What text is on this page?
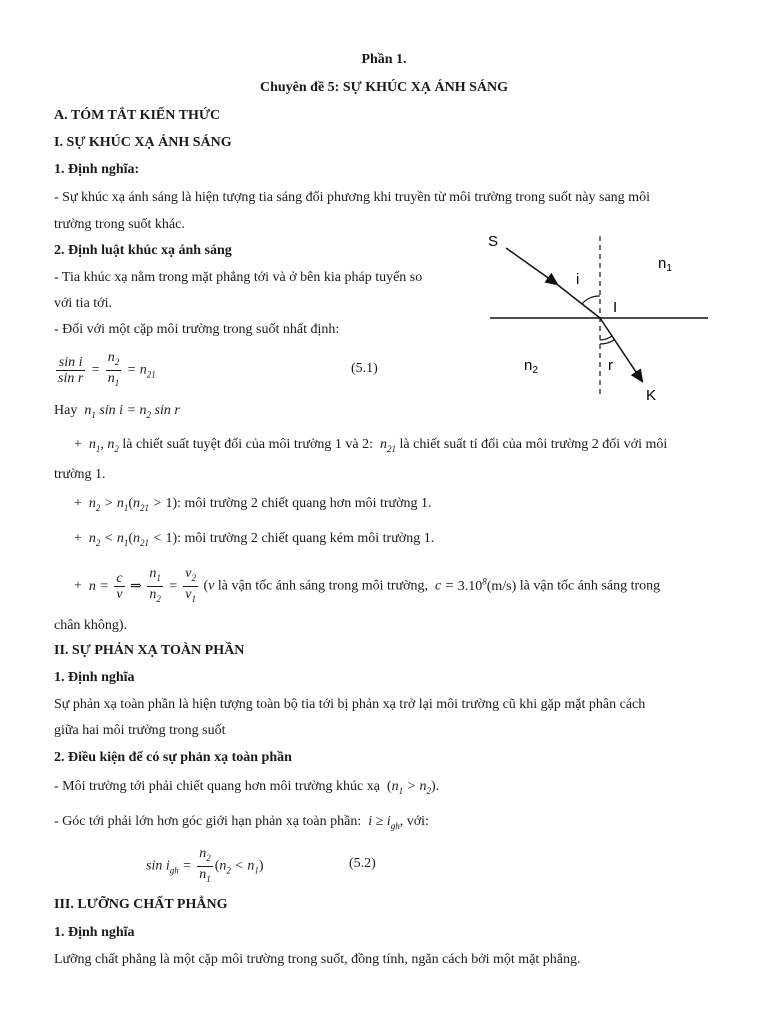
Phần 1.
Chuyên đề 5: SỰ KHÚC XẠ ÁNH SÁNG
A. TÓM TẮT KIẾN THỨC
I. SỰ KHÚC XẠ ÁNH SÁNG
1. Định nghĩa:
- Sự khúc xạ ánh sáng là hiện tượng tia sáng đổi phương khi truyền từ môi trường trong suốt này sang môi
trường trong suốt khác.
2. Định luật khúc xạ ánh sáng
- Tia khúc xạ nằm trong mặt phẳng tới và ở bên kia pháp tuyến so
với tia tới.
- Đối với một cặp môi trường trong suốt nhất định:
$\frac{\text{sin i}}{\text{sin r}} = \frac{n_2}{n_1} = n_{21}$	(5.1)
Hay $n_1$ $\sin i = n_2$ sin r
+  $n_1$, $n_2$ là chiết suất tuyệt đối của môi trường 1 và 2: $n_{21}$ là chiết suất tỉ đối của môi trường 2 đối với môi
trường 1.
+  $n_2 > n_1(n_{21} > 1)$: môi trường 2 chiết quang hơn môi trường 1.
+  $n_2 < n_1(n_{21} < 1)$: môi trường 2 chiết quang kém môi trường 1.
+  $n = \frac{c}{v}$ ⇒ $\frac{n_1}{n_2} = \frac{v_2}{v_1} (v$ là vận tốc ánh sáng trong môi trường, $c = 3.10^8(m/s)$ là vận tốc ánh sáng trong
chân không).
S
i
I
$n_1$
$n_2$	r
K
II. SỰ PHẢN XẠ TOÀN PHẦN
1. Định nghĩa
Sự phản xạ toàn phần là hiện tượng toàn bộ tia tới bị phản xạ trở lại môi trường cũ khi gặp mặt phân cách
giữa hai môi trường trong suốt
2. Điều kiện để có sự phản xạ toàn phần
- Môi trường tới phải chiết quang hơn môi trường khúc xạ $(n_1 > n_2)$.
- Góc tới phải lớn hơn góc giới hạn phản xạ toàn phần: $i \ge i_{gh}$, với:
$\sin i_{gh} = \frac{n_2}{n_1} (n_2 < n_1)$	(5.2)
III. LƯỠNG CHẤT PHẲNG
1. Định nghĩa
Lưỡng chất phẳng là một cặp môi trường trong suốt, đồng tính, ngăn cách bởi một mặt phẳng.
